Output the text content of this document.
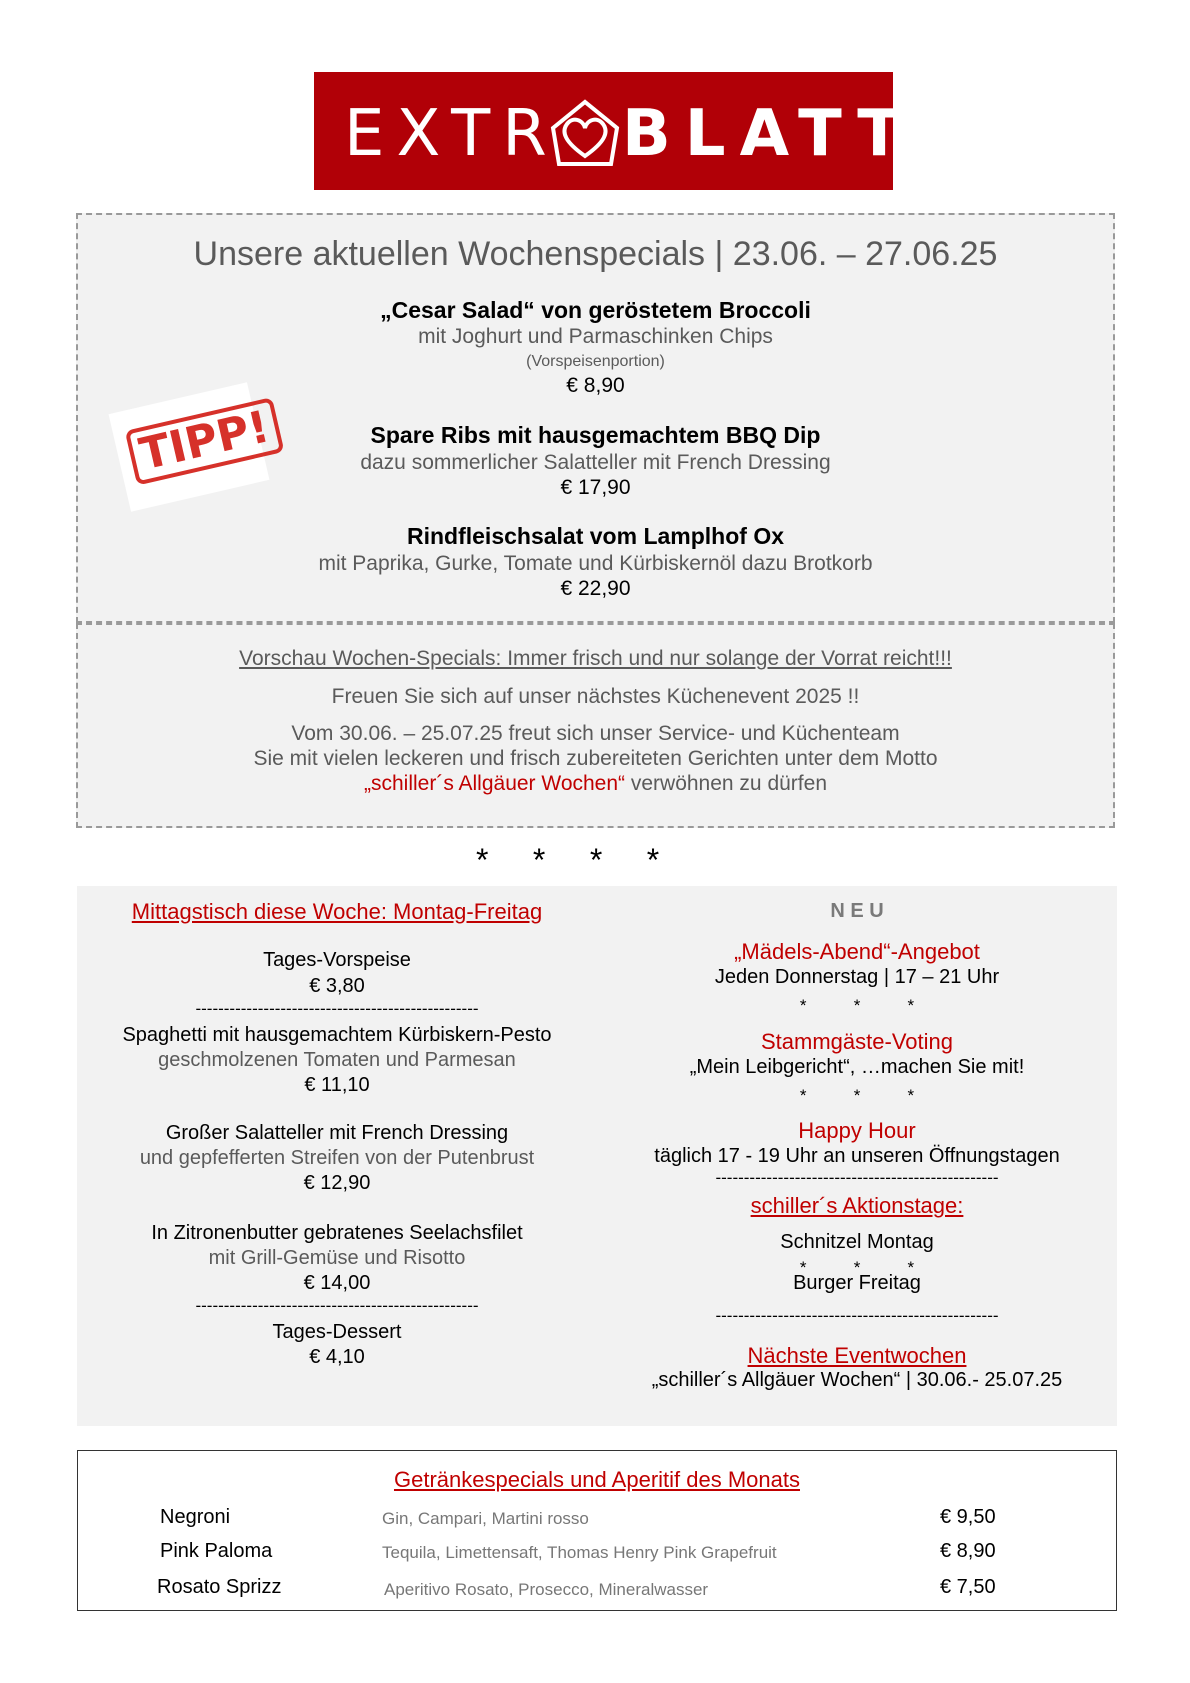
EXTR BLATT
Unsere aktuellen Wochenspecials | 23.06. – 27.06.25
„Cesar Salad“ von geröstetem Broccoli
mit Joghurt und Parmaschinken Chips
(Vorspeisenportion)
€ 8,90
Spare Ribs mit hausgemachtem BBQ Dip
dazu sommerlicher Salatteller mit French Dressing
€ 17,90
Rindfleischsalat vom Lamplhof Ox
mit Paprika, Gurke, Tomate und Kürbiskernöl dazu Brotkorb
€ 22,90
TIPP!
Vorschau Wochen-Specials: Immer frisch und nur solange der Vorrat reicht!!!
Freuen Sie sich auf unser nächstes Küchenevent 2025 !!
Vom 30.06. – 25.07.25 freut sich unser Service- und Küchenteam
Sie mit vielen leckeren und frisch zubereiteten Gerichten unter dem Motto
„schiller´s Allgäuer Wochen“ verwöhnen zu dürfen
*     *     *     *
Mittagstisch diese Woche: Montag-Freitag
Tages-Vorspeise
€ 3,80
--------------------------------------------------
Spaghetti mit hausgemachtem Kürbiskern-Pesto
geschmolzenen Tomaten und Parmesan
€ 11,10
Großer Salatteller mit French Dressing
und gepfefferten Streifen von der Putenbrust
€ 12,90
In Zitronenbutter gebratenes Seelachsfilet
mit Grill-Gemüse und Risotto
€ 14,00
--------------------------------------------------
Tages-Dessert
€ 4,10
N E U
„Mädels-Abend“-Angebot
Jeden Donnerstag | 17 – 21 Uhr
*          *          *
Stammgäste-Voting
„Mein Leibgericht“, …machen Sie mit!
*          *          *
Happy Hour
täglich 17 - 19 Uhr an unseren Öffnungstagen
--------------------------------------------------
schiller´s Aktionstage:
Schnitzel Montag
*          *          *
Burger Freitag
--------------------------------------------------
Nächste Eventwochen
„schiller´s Allgäuer Wochen“ | 30.06.- 25.07.25
Getränkespecials und Aperitif des Monats
Negroni	Gin, Campari, Martini rosso	€ 9,50
Pink Paloma	Tequila, Limettensaft, Thomas Henry Pink Grapefruit	€ 8,90
Rosato Sprizz	Aperitivo Rosato, Prosecco, Mineralwasser	€ 7,50
